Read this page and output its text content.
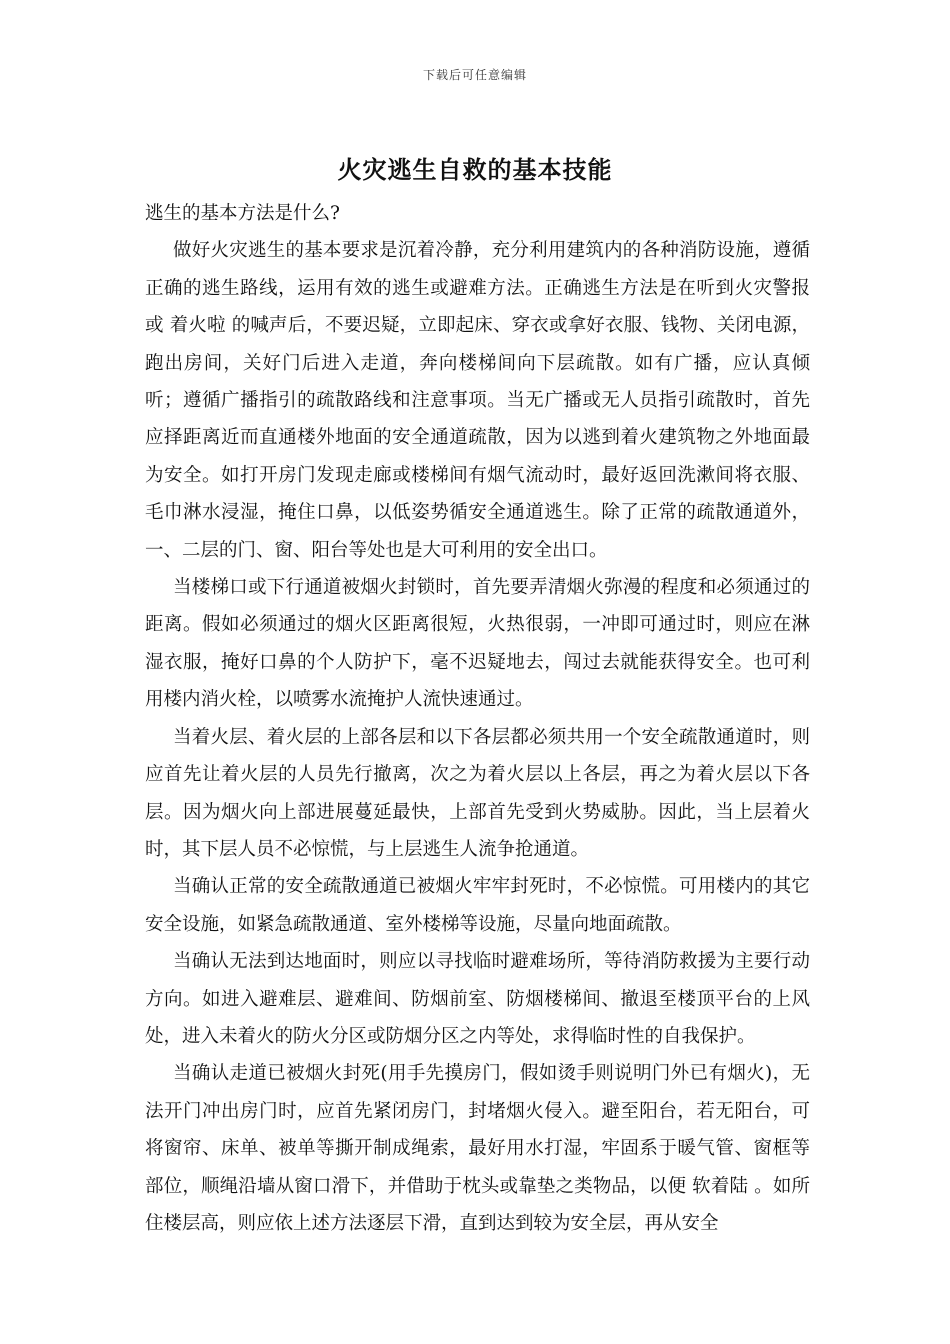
下载后可任意编辑
火灾逃生自救的基本技能

逃生的基本方法是什么?

做好火灾逃生的基本要求是沉着冷静，充分利用建筑内的各种消防设施，遵循正确的逃生路线，运用有效的逃生或避难方法。正确逃生方法是在听到火灾警报或 着火啦 的喊声后，不要迟疑，立即起床、穿衣或拿好衣服、钱物、关闭电源，跑出房间，关好门后进入走道，奔向楼梯间向下层疏散。如有广播，应认真倾听；遵循广播指引的疏散路线和注意事项。当无广播或无人员指引疏散时，首先应择距离近而直通楼外地面的安全通道疏散，因为以逃到着火建筑物之外地面最为安全。如打开房门发现走廊或楼梯间有烟气流动时，最好返回洗漱间将衣服、毛巾淋水浸湿，掩住口鼻，以低姿势循安全通道逃生。除了正常的疏散通道外，一、二层的门、窗、阳台等处也是大可利用的安全出口。

当楼梯口或下行通道被烟火封锁时，首先要弄清烟火弥漫的程度和必须通过的距离。假如必须通过的烟火区距离很短，火热很弱，一冲即可通过时，则应在淋湿衣服，掩好口鼻的个人防护下，毫不迟疑地去，闯过去就能获得安全。也可利用楼内消火栓，以喷雾水流掩护人流快速通过。

当着火层、着火层的上部各层和以下各层都必须共用一个安全疏散通道时，则应首先让着火层的人员先行撤离，次之为着火层以上各层，再之为着火层以下各层。因为烟火向上部进展蔓延最快，上部首先受到火势威胁。因此，当上层着火时，其下层人员不必惊慌，与上层逃生人流争抢通道。

当确认正常的安全疏散通道已被烟火牢牢封死时，不必惊慌。可用楼内的其它安全设施，如紧急疏散通道、室外楼梯等设施，尽量向地面疏散。

当确认无法到达地面时，则应以寻找临时避难场所，等待消防救援为主要行动方向。如进入避难层、避难间、防烟前室、防烟楼梯间、撤退至楼顶平台的上风处，进入未着火的防火分区或防烟分区之内等处，求得临时性的自我保护。

当确认走道已被烟火封死(用手先摸房门，假如烫手则说明门外已有烟火)，无法开门冲出房门时，应首先紧闭房门，封堵烟火侵入。避至阳台，若无阳台，可将窗帘、床单、被单等撕开制成绳索，最好用水打湿，牢固系于暖气管、窗框等部位，顺绳沿墙从窗口滑下，并借助于枕头或靠垫之类物品，以便 软着陆 。如所住楼层高，则应依上述方法逐层下滑，直到达到较为安全层，再从安全
